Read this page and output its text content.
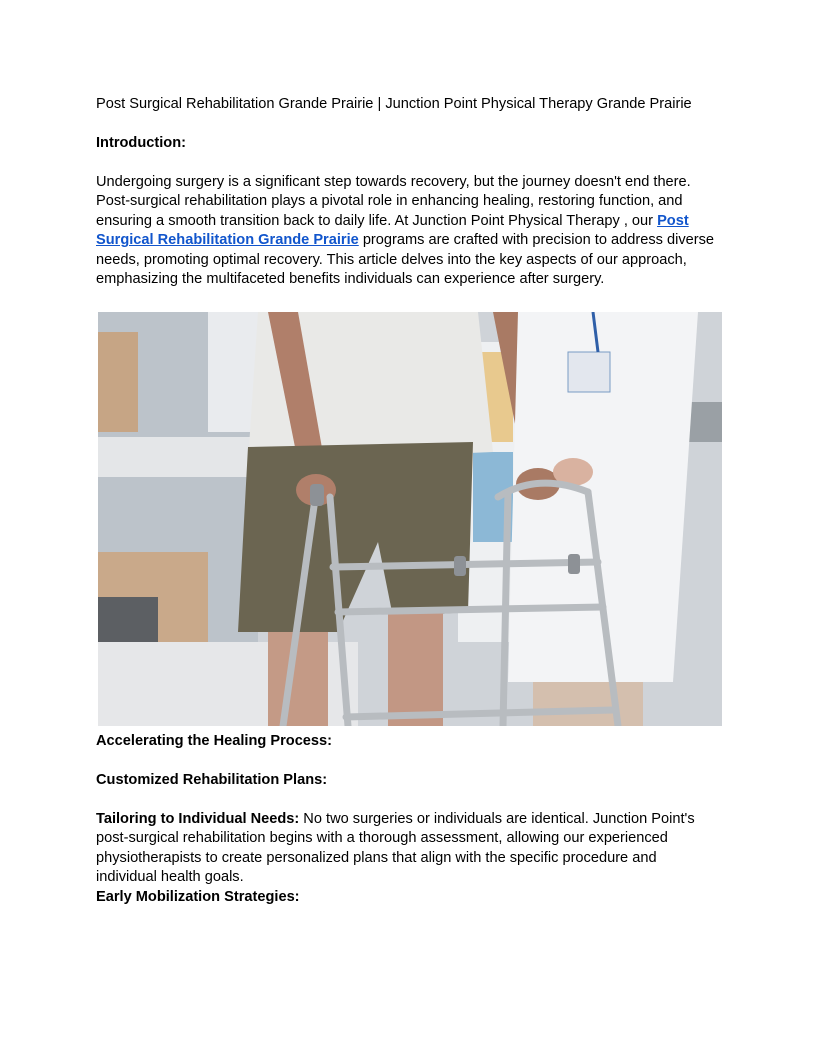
Post Surgical Rehabilitation Grande Prairie | Junction Point Physical Therapy Grande Prairie
Introduction:
Undergoing surgery is a significant step towards recovery, but the journey doesn't end there.
Post-surgical rehabilitation plays a pivotal role in enhancing healing, restoring function, and
ensuring a smooth transition back to daily life. At Junction Point Physical Therapy , our Post
Surgical Rehabilitation Grande Prairie programs are crafted with precision to address diverse
needs, promoting optimal recovery. This article delves into the key aspects of our approach,
emphasizing the multifaceted benefits individuals can experience after surgery.
Accelerating the Healing Process:
Customized Rehabilitation Plans:
Tailoring to Individual Needs: No two surgeries or individuals are identical. Junction Point's
post-surgical rehabilitation begins with a thorough assessment, allowing our experienced
physiotherapists to create personalized plans that align with the specific procedure and
individual health goals.
Early Mobilization Strategies:
